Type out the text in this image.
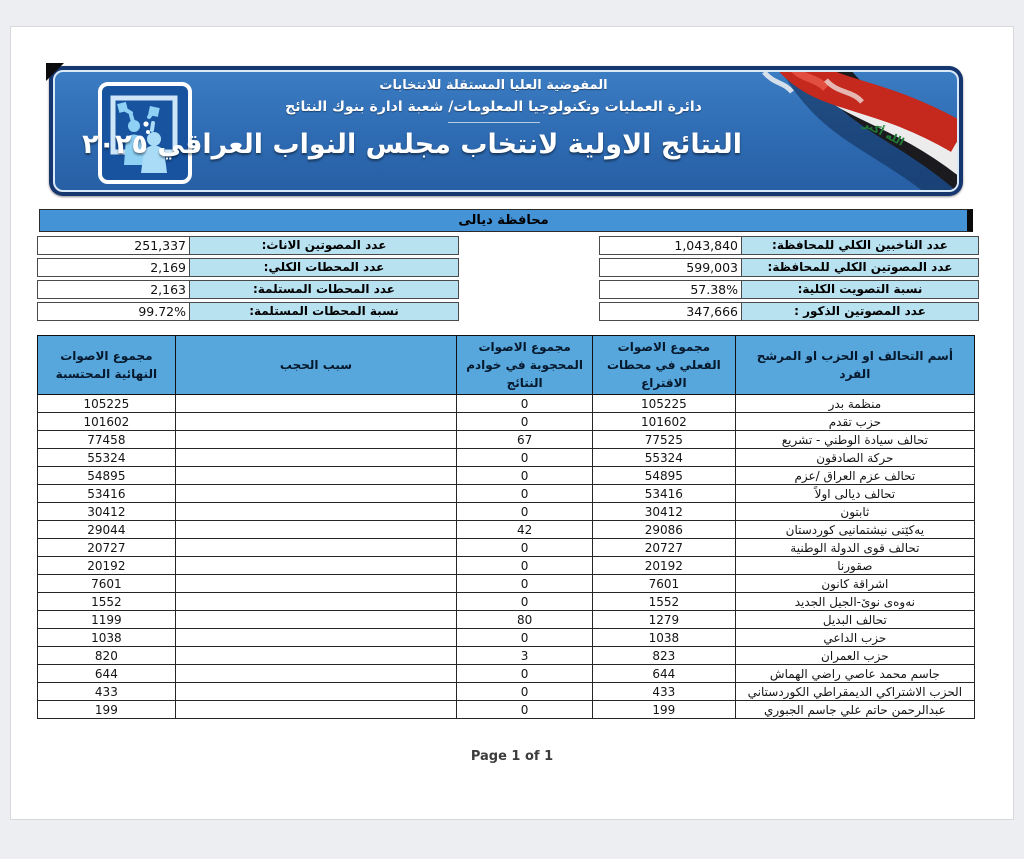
الله أكبر
المفوضية العليا المستقلة للانتخابات
دائرة العمليات وتكنولوجيا المعلومات/ شعبة ادارة بنوك النتائج
النتائج الاولية لانتخاب مجلس النواب العراقي ٢٠٢٥
محافظة ديالى
عدد الناخبين الكلي للمحافظة:
1,043,840
عدد المصوتين الكلي للمحافظة:
599,003
نسبة التصويت الكلية:
57.38%
عدد المصوتين الذكور :
347,666
عدد المصوتين الاناث:
251,337
عدد المحطات الكلي:
2,169
عدد المحطات المستلمة:
2,163
نسبة المحطات المستلمة:
99.72%
أسم التحالف او الحزب او المرشح الفرد	مجموع الاصوات الفعلي في محطات الاقتراع	مجموع الاصوات المحجوبة في خوادم النتائج	سبب الحجب	مجموع الاصوات النهائية المحتسبة
منظمة بدر	105225	0		105225
حزب تقدم	101602	0		101602
تحالف سيادة الوطني - تشريع	77525	67		77458
حركة الصادقون	55324	0		55324
تحالف عزم العراق /عزم	54895	0		54895
تحالف ديالى اولاً	53416	0		53416
ثابتون	30412	0		30412
يه‌كێتی نیشتمانیی کوردستان	29086	42		29044
تحالف قوى الدولة الوطنية	20727	0		20727
صقورنا	20192	0		20192
اشراقة كانون	7601	0		7601
نه‌وه‌ی نوێ-الجيل الجديد	1552	0		1552
تحالف البديل	1279	80		1199
حزب الداعي	1038	0		1038
حزب العمران	823	3		820
جاسم محمد عاصي راضي الهماش	644	0		644
الحزب الاشتراكي الديمقراطي الكوردستاني	433	0		433
عبدالرحمن حاتم علي جاسم الجبوري	199	0		199
Page 1 of 1
